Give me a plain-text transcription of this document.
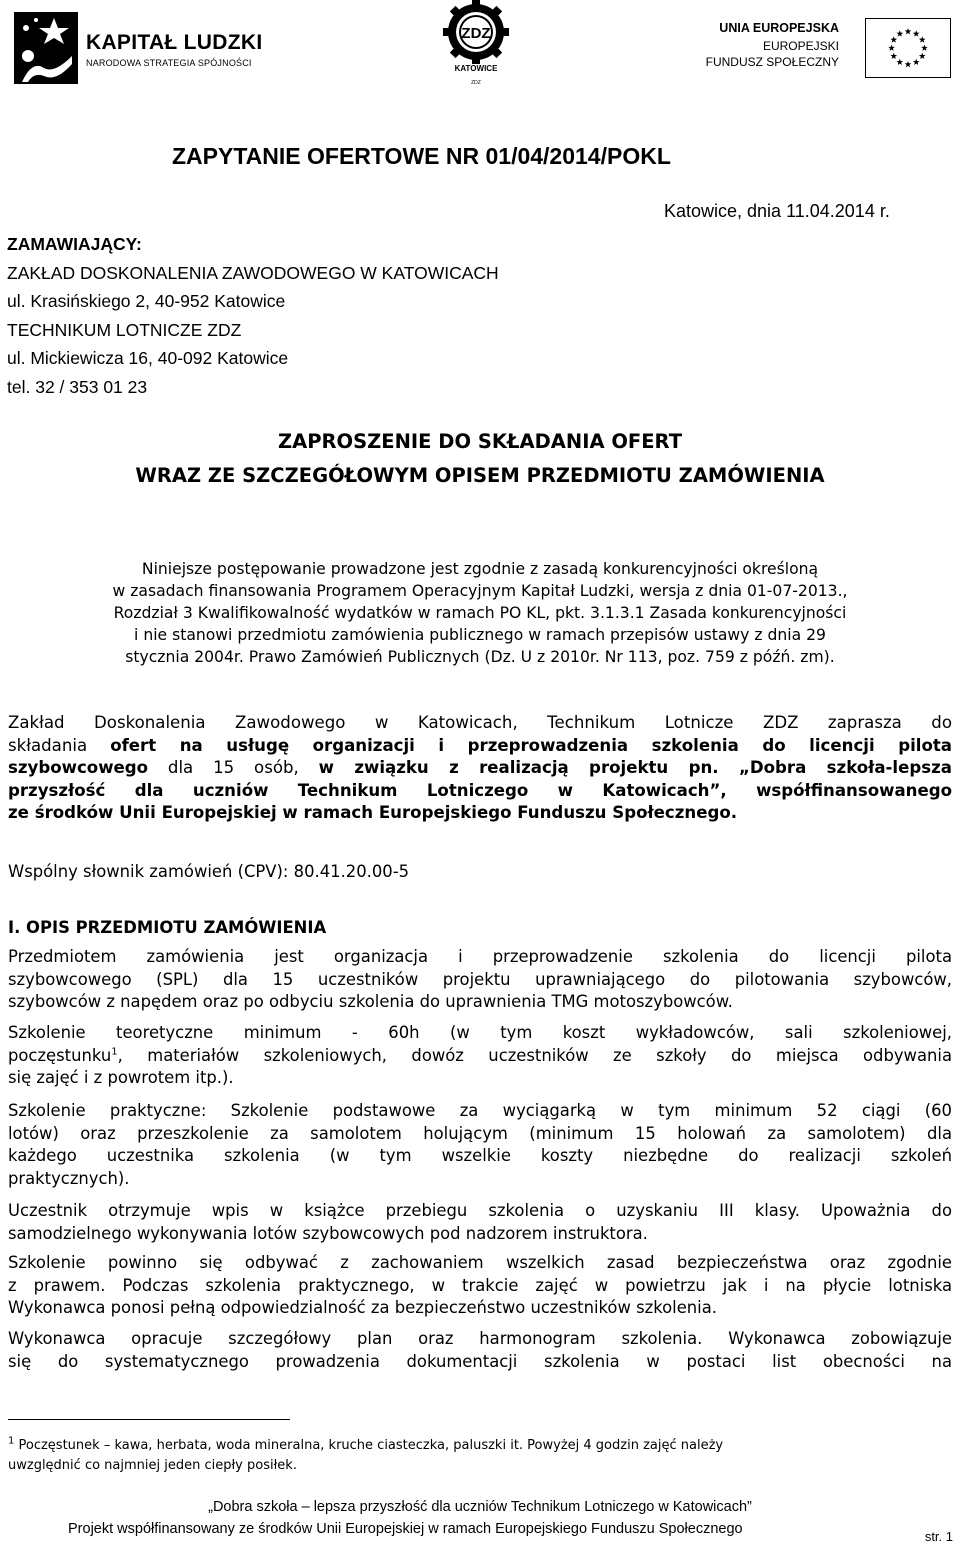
KAPITAŁ LUDZKI
NARODOWA STRATEGIA SPÓJNOŚCI
ZDZ
KATOWICE
ZDZ
UNIA EUROPEJSKA
EUROPEJSKI
FUNDUSZ SPOŁECZNY
ZAPYTANIE OFERTOWE NR 01/04/2014/POKL
Katowice, dnia 11.04.2014 r.
ZAMAWIAJĄCY:
ZAKŁAD DOSKONALENIA ZAWODOWEGO W KATOWICACH
ul. Krasińskiego 2, 40-952 Katowice
TECHNIKUM LOTNICZE ZDZ
ul. Mickiewicza 16, 40-092 Katowice
tel. 32 / 353 01 23
ZAPROSZENIE DO SKŁADANIA OFERT
WRAZ ZE SZCZEGÓŁOWYM OPISEM PRZEDMIOTU ZAMÓWIENIA
Niniejsze postępowanie prowadzone jest zgodnie z zasadą konkurencyjności określoną
w zasadach finansowania Programem Operacyjnym Kapitał Ludzki, wersja z dnia 01-07-2013.,
Rozdział 3 Kwalifikowalność wydatków w ramach PO KL, pkt. 3.1.3.1 Zasada konkurencyjności
i nie stanowi przedmiotu zamówienia publicznego w ramach przepisów ustawy z dnia 29
stycznia 2004r. Prawo Zamówień Publicznych (Dz. U z 2010r. Nr 113, poz. 759 z późń. zm).
Zakład Doskonalenia Zawodowego w Katowicach, Technikum Lotnicze ZDZ zaprasza do
składania ofert na usługę organizacji i przeprowadzenia szkolenia do licencji pilota
szybowcowego dla 15 osób, w związku z realizacją projektu pn. „Dobra szkoła-lepsza
przyszłość dla uczniów Technikum Lotniczego w Katowicach”, współfinansowanego
ze środków Unii Europejskiej w ramach Europejskiego Funduszu Społecznego.
Wspólny słownik zamówień (CPV): 80.41.20.00-5
I. OPIS PRZEDMIOTU ZAMÓWIENIA
Przedmiotem zamówienia jest organizacja i przeprowadzenie szkolenia do licencji pilota
szybowcowego (SPL) dla 15 uczestników projektu uprawniającego do pilotowania szybowców,
szybowców z napędem oraz po odbyciu szkolenia do uprawnienia TMG motoszybowców.
Szkolenie teoretyczne minimum - 60h (w tym koszt wykładowców, sali szkoleniowej,
poczęstunku$^1$, materiałów szkoleniowych, dowóz uczestników ze szkoły do miejsca odbywania
się zajęć i z powrotem itp.).
Szkolenie praktyczne: Szkolenie podstawowe za wyciągarką w tym minimum 52 ciągi (60
lotów) oraz przeszkolenie za samolotem holującym (minimum 15 holowań za samolotem) dla
każdego uczestnika szkolenia (w tym wszelkie koszty niezbędne do realizacji szkoleń
praktycznych).
Uczestnik otrzymuje wpis w książce przebiegu szkolenia o uzyskaniu III klasy. Upoważnia do
samodzielnego wykonywania lotów szybowcowych pod nadzorem instruktora.
Szkolenie powinno się odbywać z zachowaniem wszelkich zasad bezpieczeństwa oraz zgodnie
z prawem. Podczas szkolenia praktycznego, w trakcie zajęć w powietrzu jak i na płycie lotniska
Wykonawca ponosi pełną odpowiedzialność za bezpieczeństwo uczestników szkolenia.
Wykonawca opracuje szczegółowy plan oraz harmonogram szkolenia. Wykonawca zobowiązuje
się do systematycznego prowadzenia dokumentacji szkolenia w postaci list obecności na
$^1$ Poczęstunek – kawa, herbata, woda mineralna, kruche ciasteczka, paluszki it. Powyżej 4 godzin zajęć należy
uwzględnić co najmniej jeden ciepły posiłek.
„Dobra szkoła – lepsza przyszłość dla uczniów Technikum Lotniczego w Katowicach”
Projekt współfinansowany ze środków Unii Europejskiej w ramach Europejskiego Funduszu Społecznego	str. 1
